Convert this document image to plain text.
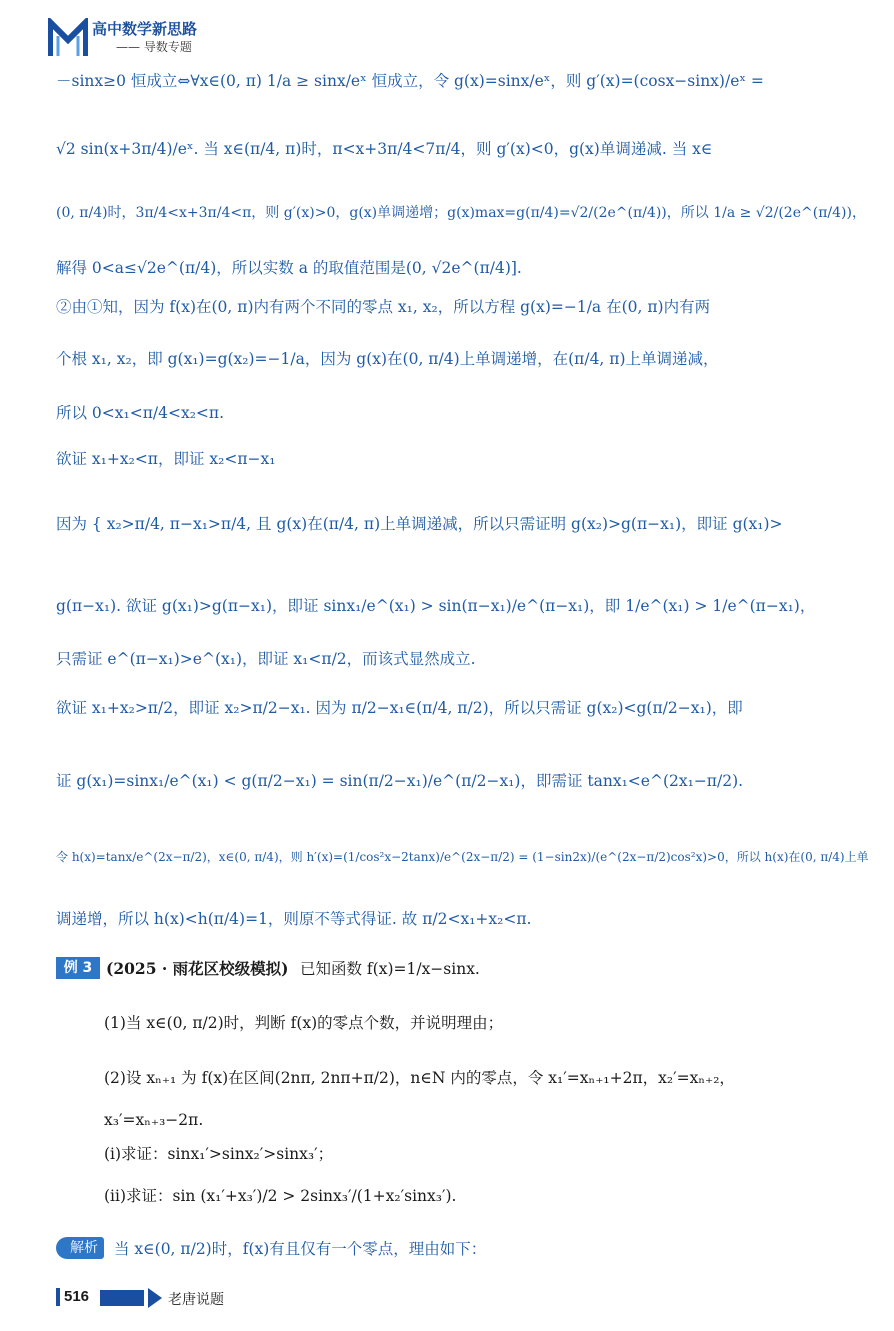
高中数学新思路
—— 导数专题
－sinx≥0 恒成立⇔∀x∈(0, π) 1/a ≥ sinx/eˣ 恒成立，令 g(x)=sinx/eˣ，则 g′(x)=(cosx−sinx)/eˣ =
√2 sin(x+3π/4)/eˣ. 当 x∈(π/4, π)时，π<x+3π/4<7π/4，则 g′(x)<0，g(x)单调递减. 当 x∈
(0, π/4)时，3π/4<x+3π/4<π，则 g′(x)>0，g(x)单调递增；g(x)max=g(π/4)=√2/(2e^(π/4))，所以 1/a ≥ √2/(2e^(π/4))，
解得 0<a≤√2e^(π/4)，所以实数 a 的取值范围是(0, √2e^(π/4)].
②由①知，因为 f(x)在(0, π)内有两个不同的零点 x₁, x₂，所以方程 g(x)=−1/a 在(0, π)内有两
个根 x₁, x₂，即 g(x₁)=g(x₂)=−1/a，因为 g(x)在(0, π/4)上单调递增，在(π/4, π)上单调递减，
所以 0<x₁<π/4<x₂<π.
欲证 x₁+x₂<π，即证 x₂<π−x₁
因为 { x₂>π/4, π−x₁>π/4, 且 g(x)在(π/4, π)上单调递减，所以只需证明 g(x₂)>g(π−x₁)，即证 g(x₁)>
g(π−x₁). 欲证 g(x₁)>g(π−x₁)，即证 sinx₁/e^(x₁) > sin(π−x₁)/e^(π−x₁)，即 1/e^(x₁) > 1/e^(π−x₁)，
只需证 e^(π−x₁)>e^(x₁)，即证 x₁<π/2，而该式显然成立.
欲证 x₁+x₂>π/2，即证 x₂>π/2−x₁. 因为 π/2−x₁∈(π/4, π/2)，所以只需证 g(x₂)<g(π/2−x₁)，即
证 g(x₁)=sinx₁/e^(x₁) < g(π/2−x₁) = sin(π/2−x₁)/e^(π/2−x₁)，即需证 tanx₁<e^(2x₁−π/2).
令 h(x)=tanx/e^(2x−π/2)，x∈(0, π/4)，则 h′(x)=(1/cos²x−2tanx)/e^(2x−π/2) = (1−sin2x)/(e^(2x−π/2)cos²x)>0，所以 h(x)在(0, π/4)上单
调递增，所以 h(x)<h(π/4)=1，则原不等式得证. 故 π/2<x₁+x₂<π.
例 3 (2025 · 雨花区校级模拟) 已知函数 f(x)=1/x−sinx.
(1)当 x∈(0, π/2)时，判断 f(x)的零点个数，并说明理由；
(2)设 xₙ₊₁ 为 f(x)在区间(2nπ, 2nπ+π/2)，n∈N 内的零点，令 x₁′=xₙ₊₁+2π，x₂′=xₙ₊₂，
x₃′=xₙ₊₃−2π.
(ⅰ)求证：sinx₁′>sinx₂′>sinx₃′；
(ⅱ)求证：sin (x₁′+x₃′)/2 > 2sinx₃′/(1+x₂′sinx₃′).
解析	当 x∈(0, π/2)时，f(x)有且仅有一个零点，理由如下：
516	老唐说题
